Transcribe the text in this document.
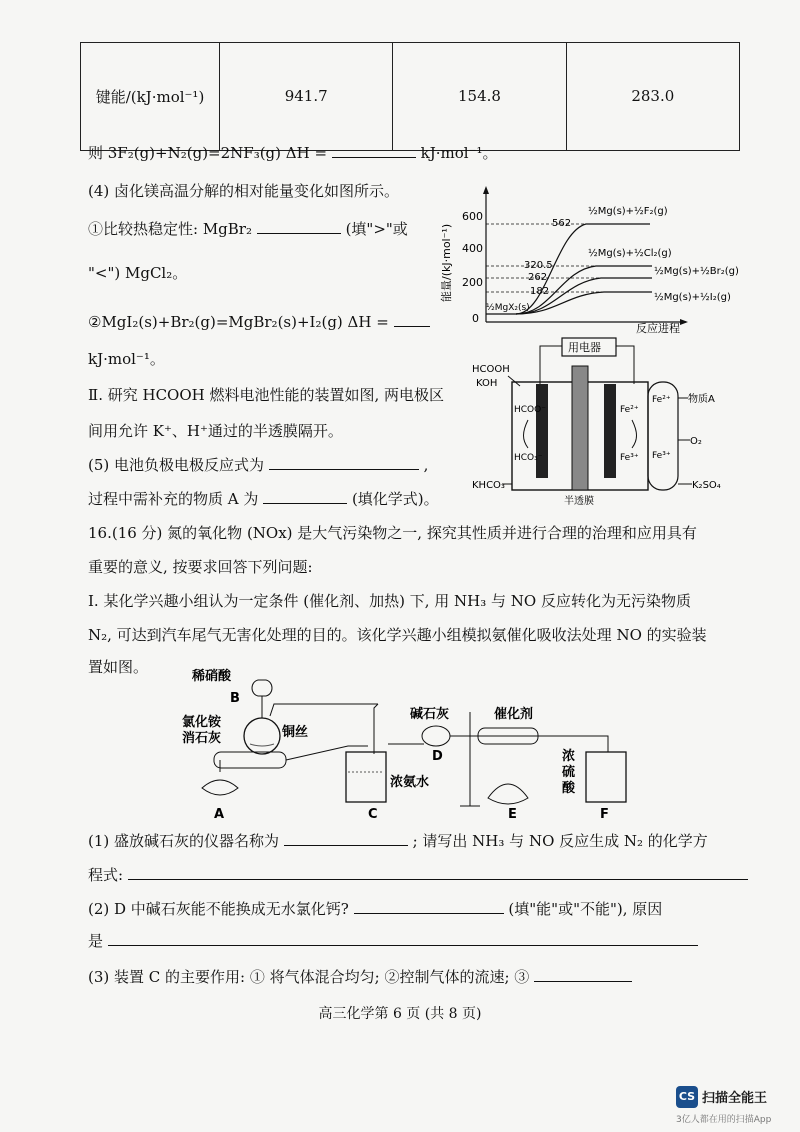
键能/(kJ·mol⁻¹)	941.7	154.8	283.0
则 3F₂(g)+N₂(g)=2NF₃(g) ΔH =	kJ·mol⁻¹。
(4) 卤化镁高温分解的相对能量变化如图所示。
①比较热稳定性: MgBr₂	(填">"或
"<") MgCl₂。
②MgI₂(s)+Br₂(g)=MgBr₂(s)+I₂(g) ΔH =
kJ·mol⁻¹。
Ⅱ. 研究 HCOOH 燃料电池性能的装置如图, 两电极区
间用允许 K⁺、H⁺通过的半透膜隔开。
(5) 电池负极电极反应式为	,
过程中需补充的物质 A 为	(填化学式)。
16.(16 分) 氮的氧化物 (NOx) 是大气污染物之一, 探究其性质并进行合理的治理和应用具有
重要的意义, 按要求回答下列问题:
Ⅰ. 某化学兴趣小组认为一定条件 (催化剂、加热) 下, 用 NH₃ 与 NO 反应转化为无污染物质
N₂, 可达到汽车尾气无害化处理的目的。该化学兴趣小组模拟氨催化吸收法处理 NO 的实验装
置如图。
(1) 盛放碱石灰的仪器名称为	; 请写出 NH₃ 与 NO 反应生成 N₂ 的化学方
程式:
(2) D 中碱石灰能不能换成无水氯化钙?	(填"能"或"不能"), 原因
是
(3) 装置 C 的主要作用: ① 将气体混合均匀; ②控制气体的流速; ③
高三化学第 6 页 (共 8 页)
能量/(kJ·mol⁻¹)
600
400
200
0
562
320.5
262
182
½MgX₂(s)
½Mg(s)+½F₂(g)
½Mg(s)+½Cl₂(g)
½Mg(s)+½Br₂(g)
½Mg(s)+½I₂(g)
反应进程
用电器
HCOOH
KOH
HCOO⁻
HCO₃⁻
Fe²⁺
Fe³⁺
Fe²⁺
Fe³⁺
物质A
O₂
KHCO₃	K₂SO₄
半透膜
稀硝酸
B
铜丝
氯化铵
消石灰
A	C
浓氨水
碱石灰
D
催化剂
E
浓
硫
酸
F
CS 扫描全能王
3亿人都在用的扫描App
